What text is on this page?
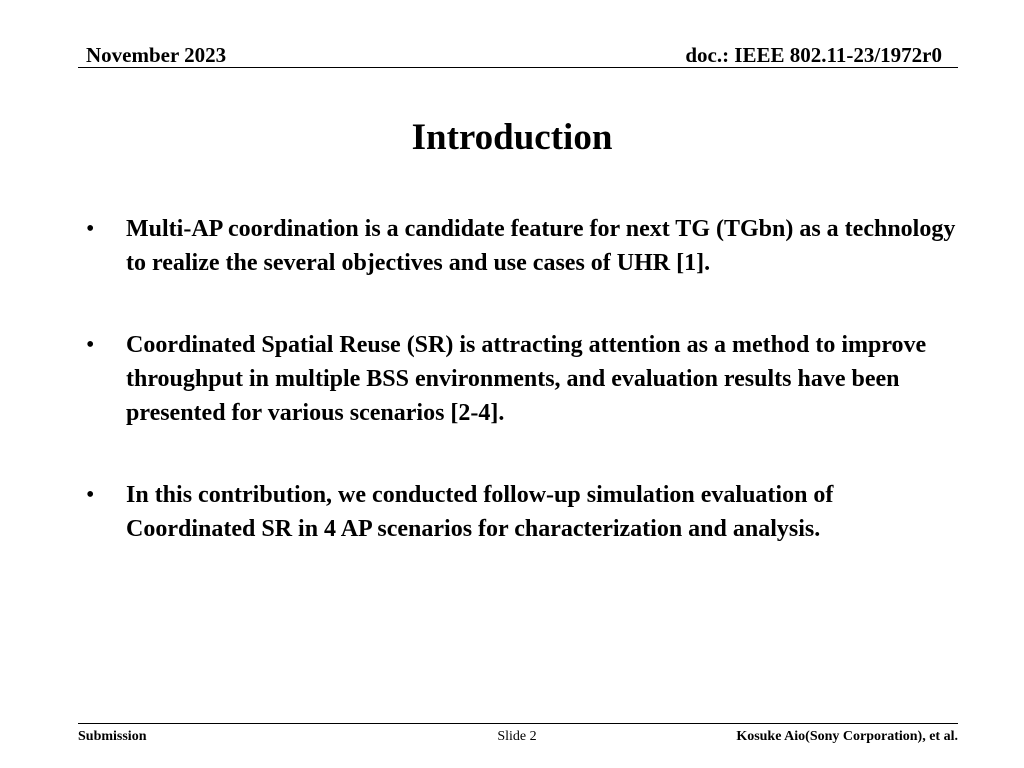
November 2023	doc.: IEEE 802.11-23/1972r0
Introduction
• Multi-AP coordination is a candidate feature for next TG (TGbn) as a technology to realize the several objectives and use cases of UHR [1].
• Coordinated Spatial Reuse (SR) is attracting attention as a method to improve throughput in multiple BSS environments, and evaluation results have been presented for various scenarios [2-4].
• In this contribution, we conducted follow-up simulation evaluation of Coordinated SR in 4 AP scenarios for characterization and analysis.
Submission	Slide 2	Kosuke Aio(Sony Corporation), et al.
